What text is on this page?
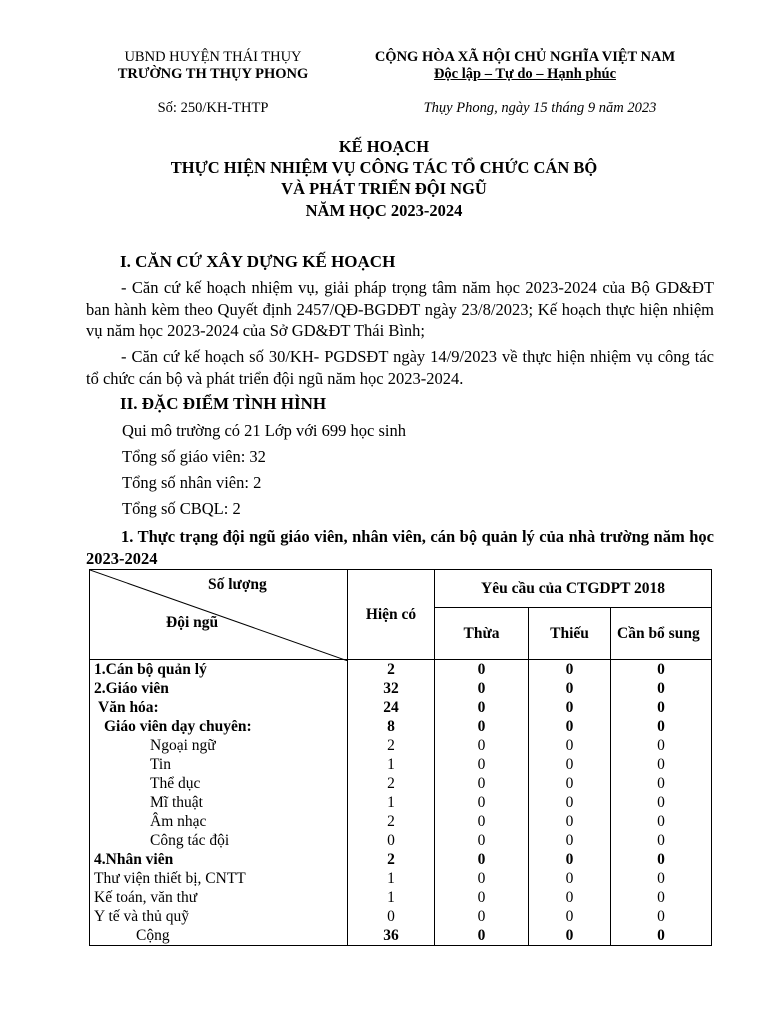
UBND HUYỆN THÁI THỤY
TRƯỜNG TH THỤY PHONG
CỘNG HÒA XÃ HỘI CHỦ NGHĨA VIỆT NAM
Độc lập – Tự do – Hạnh phúc
Số: 250/KH-THTP	Thụy Phong, ngày 15 tháng 9 năm 2023
KẾ HOẠCH
THỰC HIỆN NHIỆM VỤ CÔNG TÁC TỔ CHỨC CÁN BỘ
VÀ PHÁT TRIỂN ĐỘI NGŨ
NĂM HỌC 2023-2024
I. CĂN CỨ XÂY DỰNG KẾ HOẠCH
- Căn cứ kế hoạch nhiệm vụ, giải pháp trọng tâm năm học 2023-2024 của Bộ GD&ĐT ban hành kèm theo Quyết định 2457/QĐ-BGDĐT ngày 23/8/2023; Kế hoạch thực hiện nhiệm vụ năm học 2023-2024 của Sở GD&ĐT Thái Bình;
- Căn cứ kế hoạch số 30/KH- PGDSĐT ngày 14/9/2023 về thực hiện nhiệm vụ công tác tổ chức cán bộ và phát triển đội ngũ năm học 2023-2024.
II. ĐẶC ĐIỂM TÌNH HÌNH
Qui mô trường có 21 Lớp với 699 học sinh
Tổng số giáo viên: 32
Tổng số nhân viên: 2
Tổng số CBQL: 2
1. Thực trạng đội ngũ giáo viên, nhân viên, cán bộ quản lý của nhà trường năm học 2023-2024
Số lượng
Đội ngũ	Hiện có	Yêu cầu của CTGDPT 2018		
		Thừa	Thiếu	Cần bổ sung
1.Cán bộ quản lý	2	0	0	0
2.Giáo viên	32	0	0	0
Văn hóa:	24	0	0	0
Giáo viên dạy chuyên:	8	0	0	0
Ngoại ngữ	2	0	0	0
Tin	1	0	0	0
Thể dục	2	0	0	0
Mĩ thuật	1	0	0	0
Âm nhạc	2	0	0	0
Công tác đội	0	0	0	0
4.Nhân viên	2	0	0	0
Thư viện thiết bị, CNTT	1	0	0	0
Kế toán, văn thư	1	0	0	0
Y tế và thủ quỹ	0	0	0	0
Cộng	36	0	0	0
